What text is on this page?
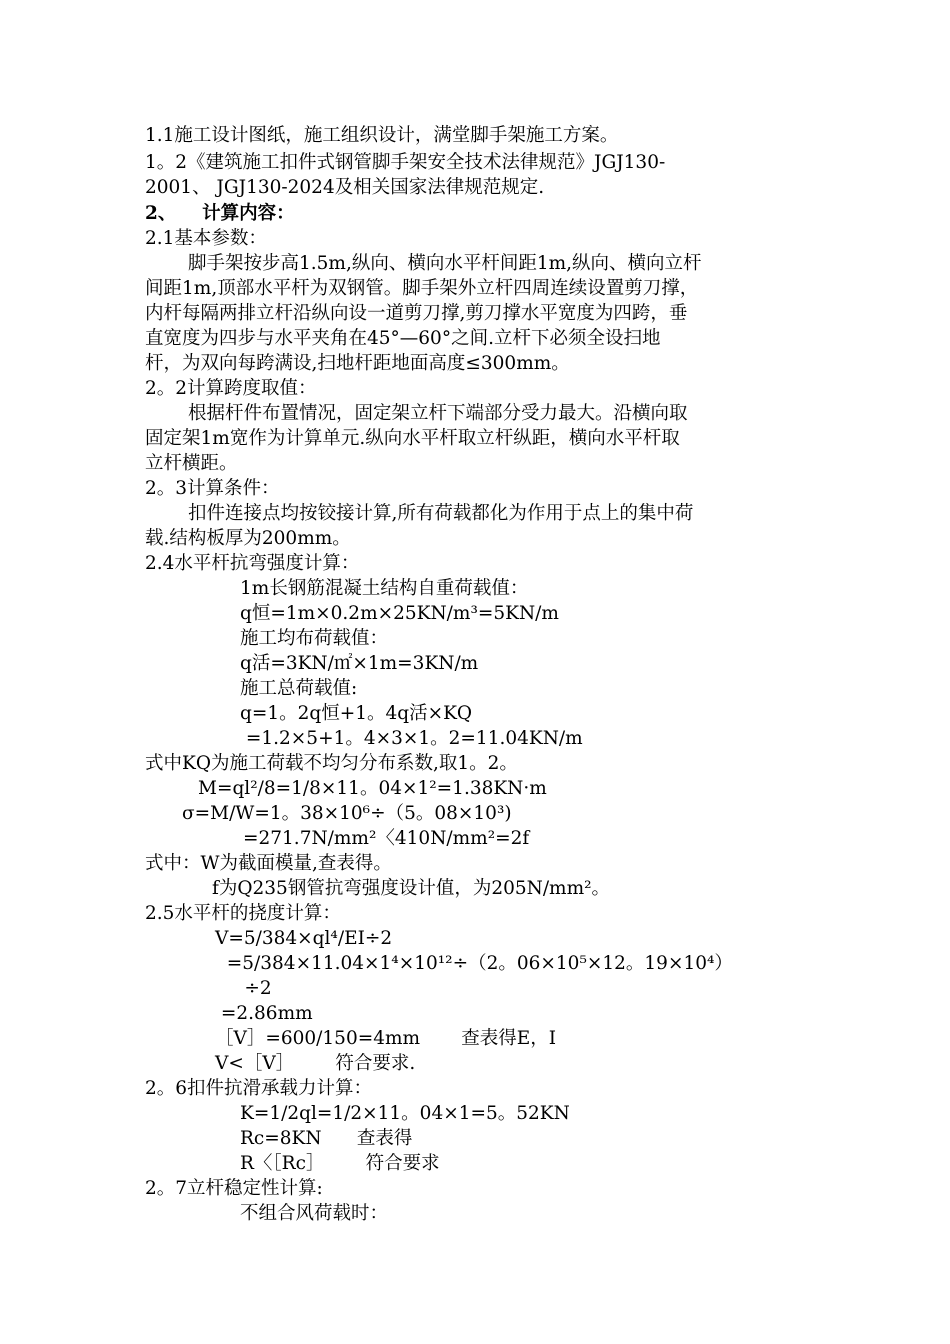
1.1施工设计图纸，施工组织设计，满堂脚手架施工方案。
1。2《建筑施工扣件式钢管脚手架安全技术法律规范》JGJ130-
2001、 JGJ130-2024及相关国家法律规范规定.
2、    计算内容：
2.1基本参数：
脚手架按步高1.5m,纵向、横向水平杆间距1m,纵向、横向立杆
间距1m,顶部水平杆为双钢管。脚手架外立杆四周连续设置剪刀撑，
内杆每隔两排立杆沿纵向设一道剪刀撑,剪刀撑水平宽度为四跨，垂
直宽度为四步与水平夹角在45°—60°之间.立杆下必须全设扫地
杆，为双向每跨满设,扫地杆距地面高度≤300mm。
2。2计算跨度取值：
根据杆件布置情况，固定架立杆下端部分受力最大。沿横向取
固定架1m宽作为计算单元.纵向水平杆取立杆纵距，横向水平杆取
立杆横距。
2。3计算条件：
扣件连接点均按铰接计算,所有荷载都化为作用于点上的集中荷
载.结构板厚为200mm。
2.4水平杆抗弯强度计算：
1m长钢筋混凝土结构自重荷载值：
q恒=1m×0.2m×25KN/m³=5KN/m
施工均布荷载值：
q活=3KN/㎡×1m=3KN/m
施工总荷载值:
q=1。2q恒+1。4q活×KQ
=1.2×5+1。4×3×1。2=11.04KN/m
式中KQ为施工荷载不均匀分布系数,取1。2。
M=ql²/8=1/8×11。04×1²=1.38KN·m
σ=M/W=1。38×10⁶÷（5。08×10³)
=271.7N/mm²〈410N/mm²=2f
式中：W为截面模量,查表得。
f为Q235钢管抗弯强度设计值，为205N/mm²。
2.5水平杆的挠度计算：
V=5/384×ql⁴/EI÷2
=5/384×11.04×1⁴×10¹²÷（2。06×10⁵×12。19×10⁴）
÷2
=2.86mm
［V］=600/150=4mm       查表得E，I
V<［V］       符合要求.
2。6扣件抗滑承载力计算：
K=1/2ql=1/2×11。04×1=5。52KN
Rc=8KN      查表得
R〈［Rc］       符合要求
2。7立杆稳定性计算:
不组合风荷载时：
